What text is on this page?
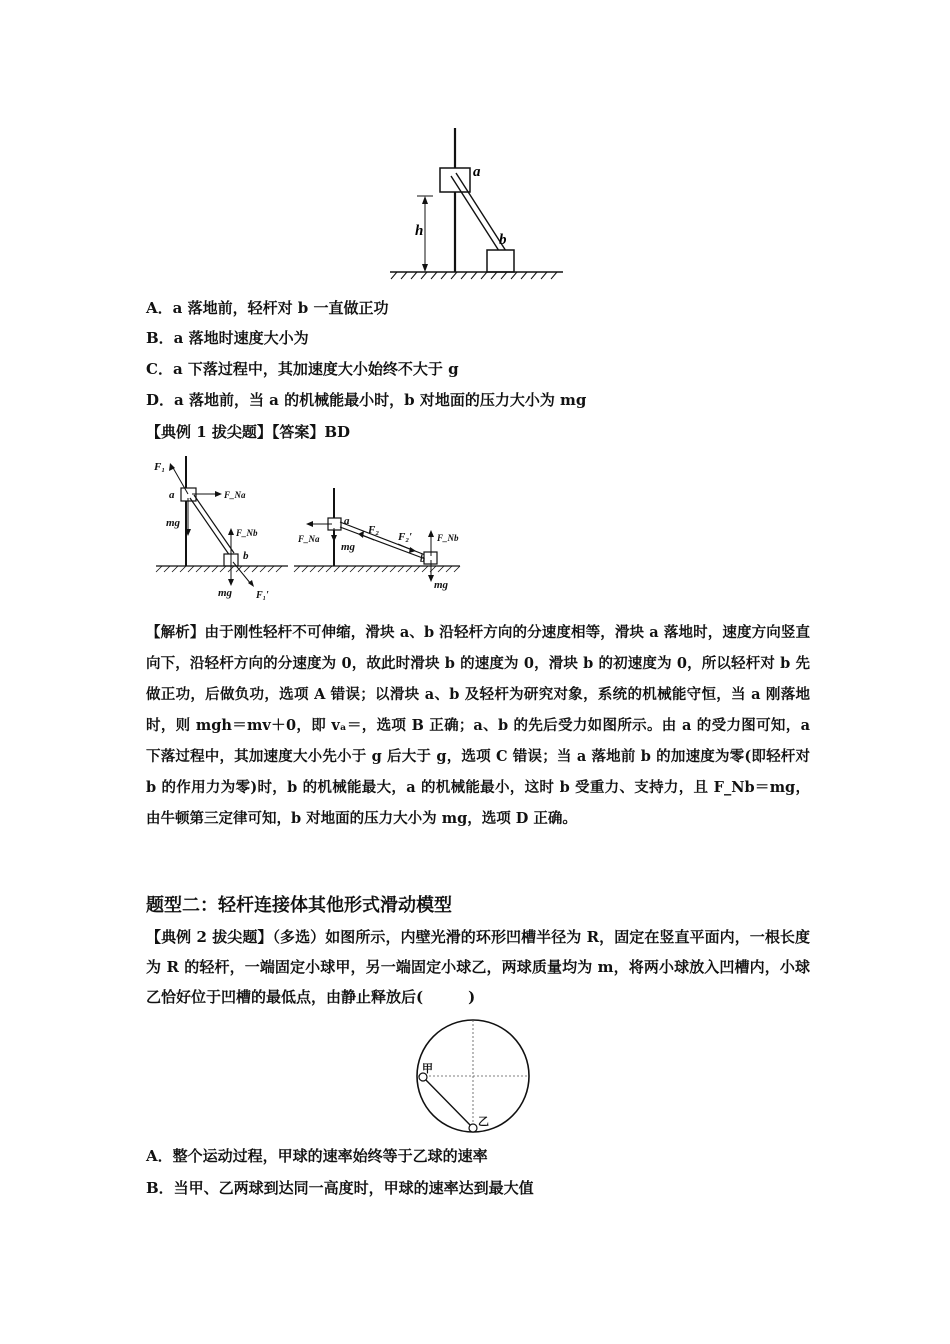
a
b
h
A．a 落地前，轻杆对 b 一直做正功
B．a 落地时速度大小为
C．a 下落过程中，其加速度大小始终不大于 g
D．a 落地前，当 a 的机械能最小时，b 对地面的压力大小为 mg
【典例 1 拔尖题】【答案】BD
F₁
a	F_Na
mg
F_Nb
b
mg F₁′
a
F₂
F₂′	F_Nb
F_Na
mg
b
mg
【解析】由于刚性轻杆不可伸缩，滑块 a、b 沿轻杆方向的分速度相等，滑块 a 落地时，速度方向竖直向下，沿轻杆方向的分速度为 0，故此时滑块 b 的速度为 0，滑块 b 的初速度为 0，所以轻杆对 b 先做正功，后做负功，选项 A 错误；以滑块 a、b 及轻杆为研究对象，系统的机械能守恒，当 a 刚落地时，则 mgh＝mv＋0，即 vₐ＝，选项 B 正确；a、b 的先后受力如图所示。由 a 的受力图可知，a 下落过程中，其加速度大小先小于 g 后大于 g，选项 C 错误；当 a 落地前 b 的加速度为零(即轻杆对 b 的作用力为零)时，b 的机械能最大，a 的机械能最小，这时 b 受重力、支持力，且 F_Nb＝mg，由牛顿第三定律可知，b 对地面的压力大小为 mg，选项 D 正确。
题型二：轻杆连接体其他形式滑动模型
【典例 2 拔尖题】（多选）如图所示，内壁光滑的环形凹槽半径为 R，固定在竖直平面内，一根长度为 R 的轻杆，一端固定小球甲，另一端固定小球乙，两球质量均为 m，将两小球放入凹槽内，小球乙恰好位于凹槽的最低点，由静止释放后(　　　)
甲
乙
A．整个运动过程，甲球的速率始终等于乙球的速率
B．当甲、乙两球到达同一高度时，甲球的速率达到最大值
